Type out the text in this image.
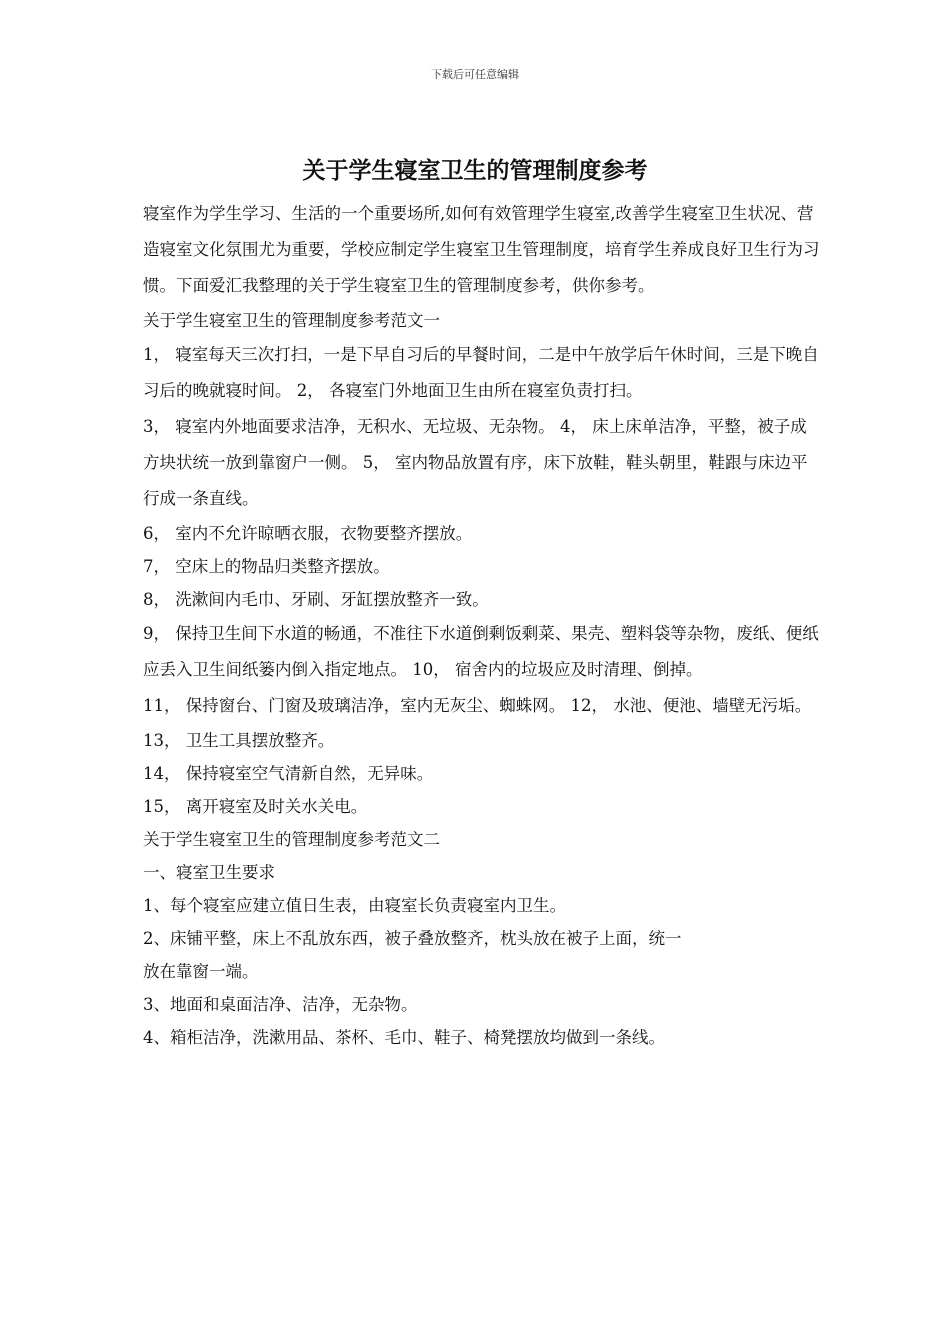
下载后可任意编辑
关于学生寝室卫生的管理制度参考

寝室作为学生学习、生活的一个重要场所,如何有效管理学生寝室,改善学生寝室卫生状况、营造寝室文化氛围尤为重要，学校应制定学生寝室卫生管理制度，培育学生养成良好卫生行为习惯。下面爱汇我整理的关于学生寝室卫生的管理制度参考，供你参考。

关于学生寝室卫生的管理制度参考范文一

1， 寝室每天三次打扫，一是下早自习后的早餐时间，二是中午放学后午休时间，三是下晚自习后的晚就寝时间。 2， 各寝室门外地面卫生由所在寝室负责打扫。

3， 寝室内外地面要求洁净，无积水、无垃圾、无杂物。 4， 床上床单洁净，平整，被子成方块状统一放到靠窗户一侧。 5， 室内物品放置有序，床下放鞋，鞋头朝里，鞋跟与床边平行成一条直线。

6， 室内不允许晾晒衣服，衣物要整齐摆放。

7， 空床上的物品归类整齐摆放。

8， 洗漱间内毛巾、牙刷、牙缸摆放整齐一致。

9， 保持卫生间下水道的畅通，不准往下水道倒剩饭剩菜、果壳、塑料袋等杂物，废纸、便纸应丢入卫生间纸篓内倒入指定地点。 10， 宿舍内的垃圾应及时清理、倒掉。

11， 保持窗台、门窗及玻璃洁净，室内无灰尘、蜘蛛网。 12， 水池、便池、墙壁无污垢。

13， 卫生工具摆放整齐。

14， 保持寝室空气清新自然，无异味。

15， 离开寝室及时关水关电。

关于学生寝室卫生的管理制度参考范文二

一、寝室卫生要求

1、每个寝室应建立值日生表，由寝室长负责寝室内卫生。

2、床铺平整，床上不乱放东西，被子叠放整齐，枕头放在被子上面，统一

放在靠窗一端。

3、地面和桌面洁净、洁净，无杂物。

4、箱柜洁净，洗漱用品、茶杯、毛巾、鞋子、椅凳摆放均做到一条线。
